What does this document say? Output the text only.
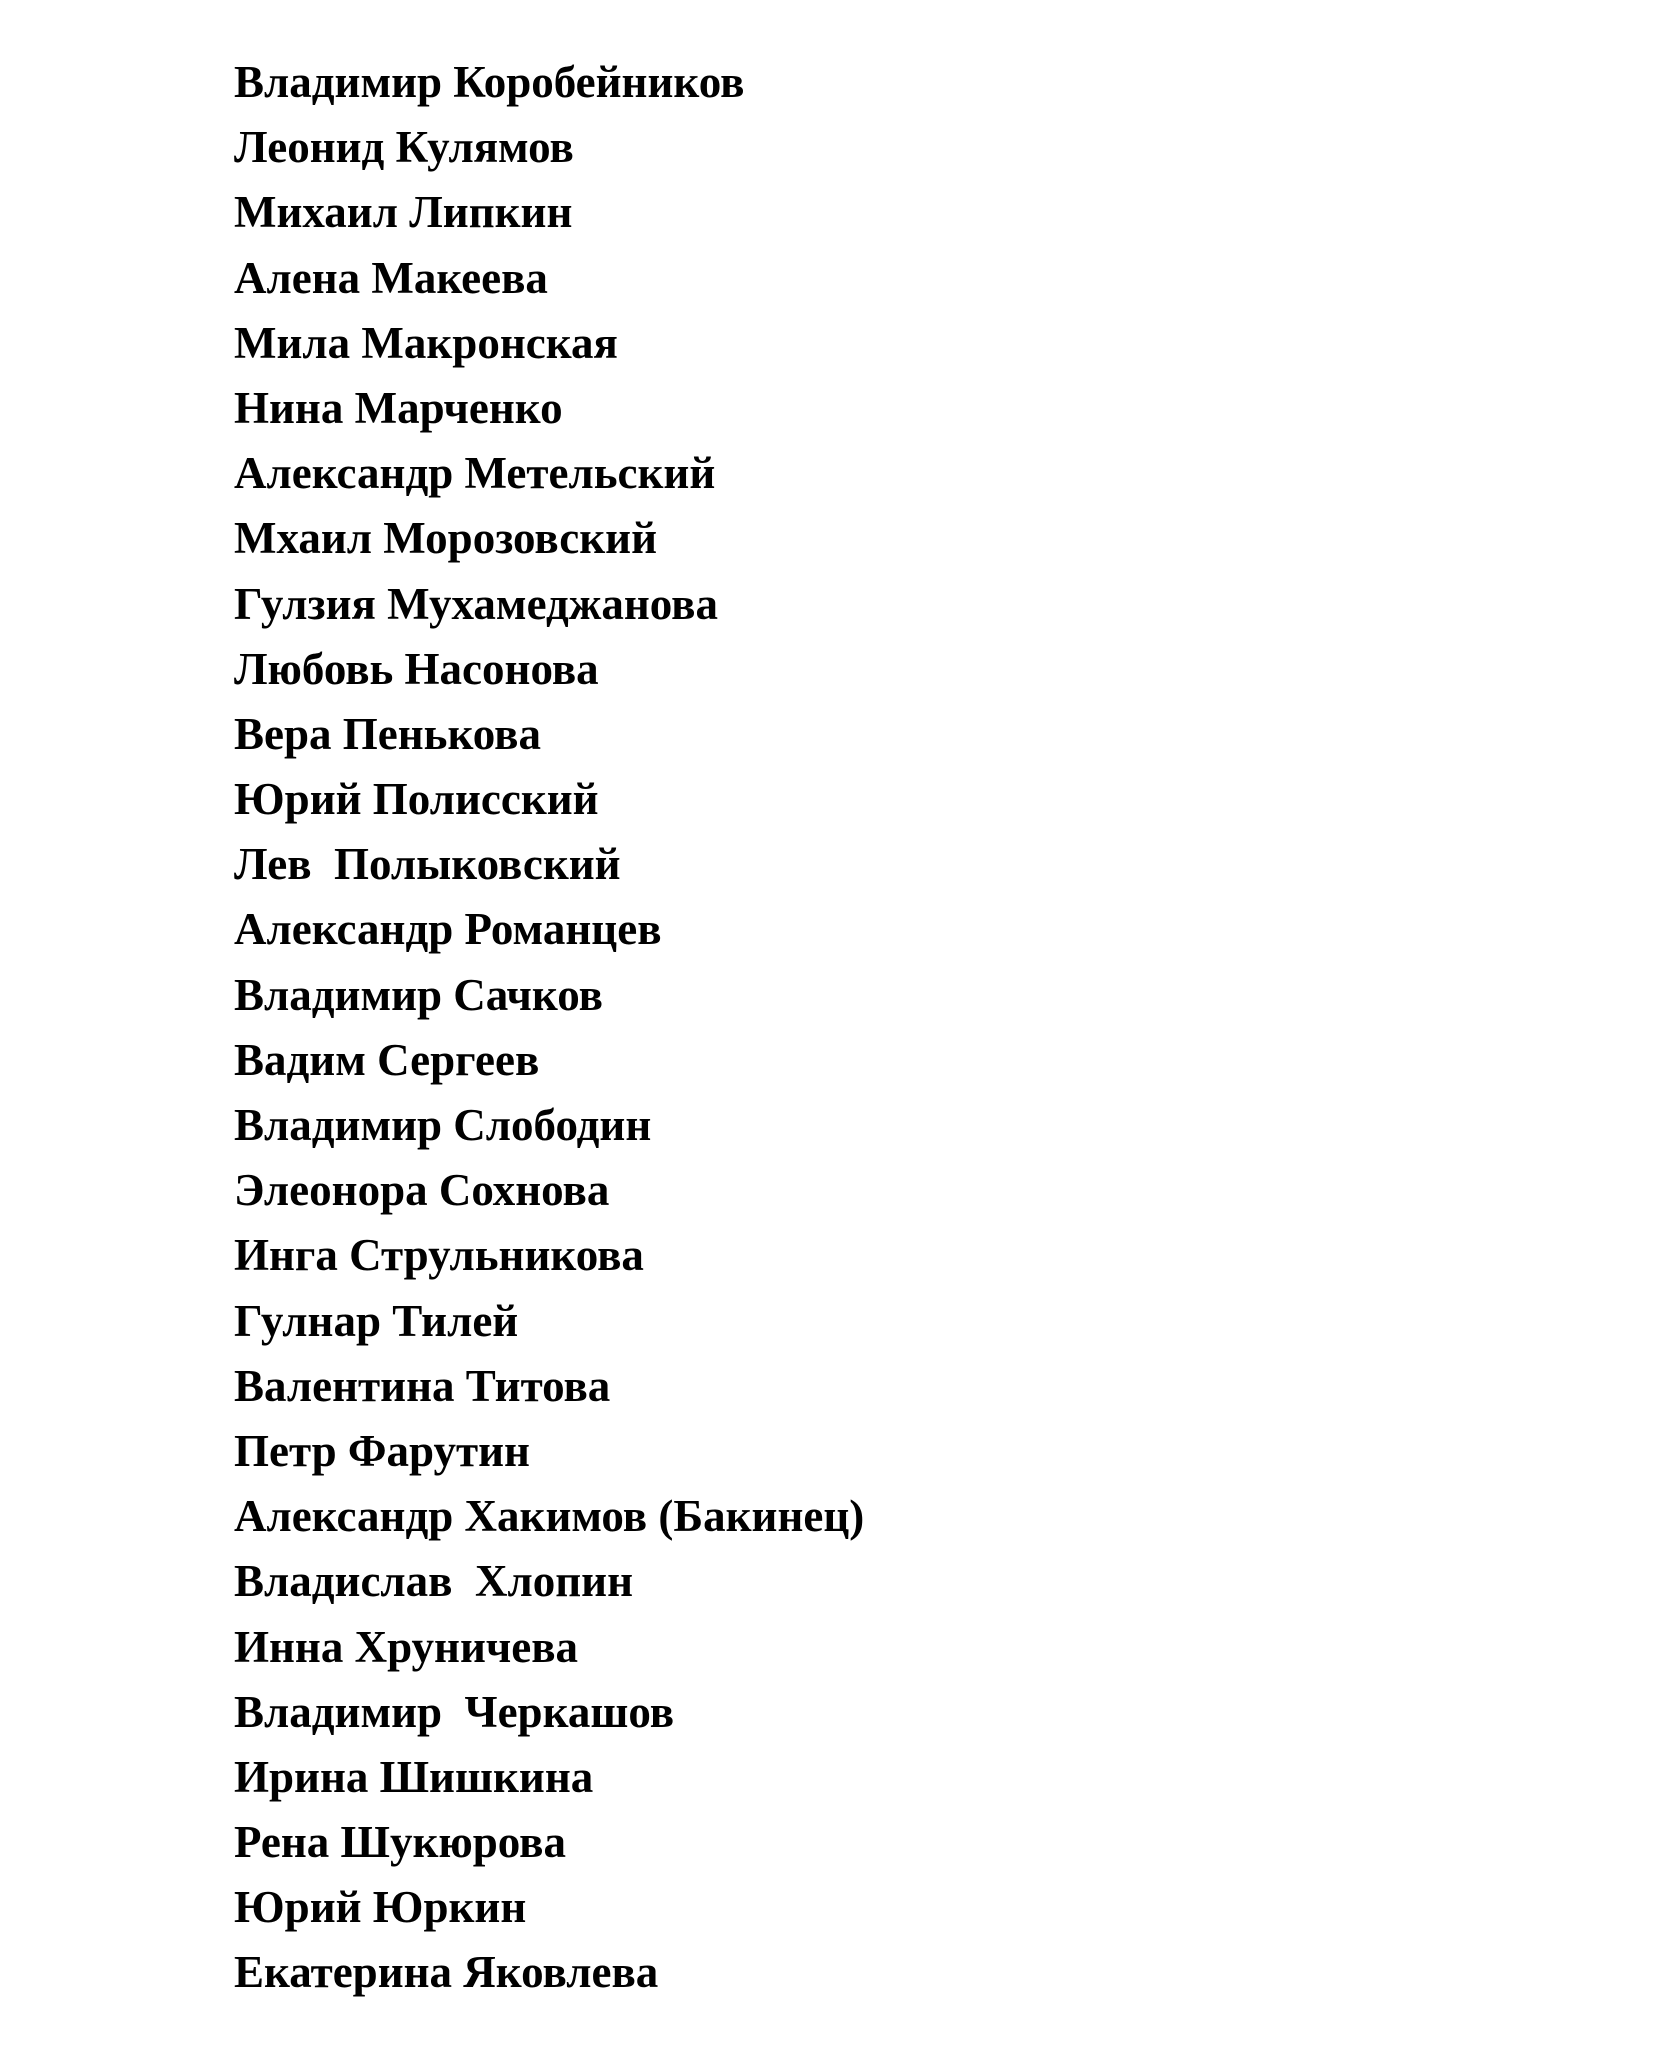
Владимир Коробейников
Леонид Кулямов
Михаил Липкин
Алена Макеева
Мила Макронская
Нина Марченко
Александр Метельский
Мхаил Морозовский
Гулзия Мухамеджанова
Любовь Насонова
Вера Пенькова
Юрий Полисский
Лев  Полыковский
Александр Романцев
Владимир Сачков
Вадим Сергеев
Владимир Слободин
Элеонора Сохнова
Инга Струльникова
Гулнар Тилей
Валентина Титова
Петр Фарутин
Александр Хакимов (Бакинец)
Владислав  Хлопин
Инна Хруничева
Владимир  Черкашов
Ирина Шишкина
Рена Шукюрова
Юрий Юркин
Екатерина Яковлева
